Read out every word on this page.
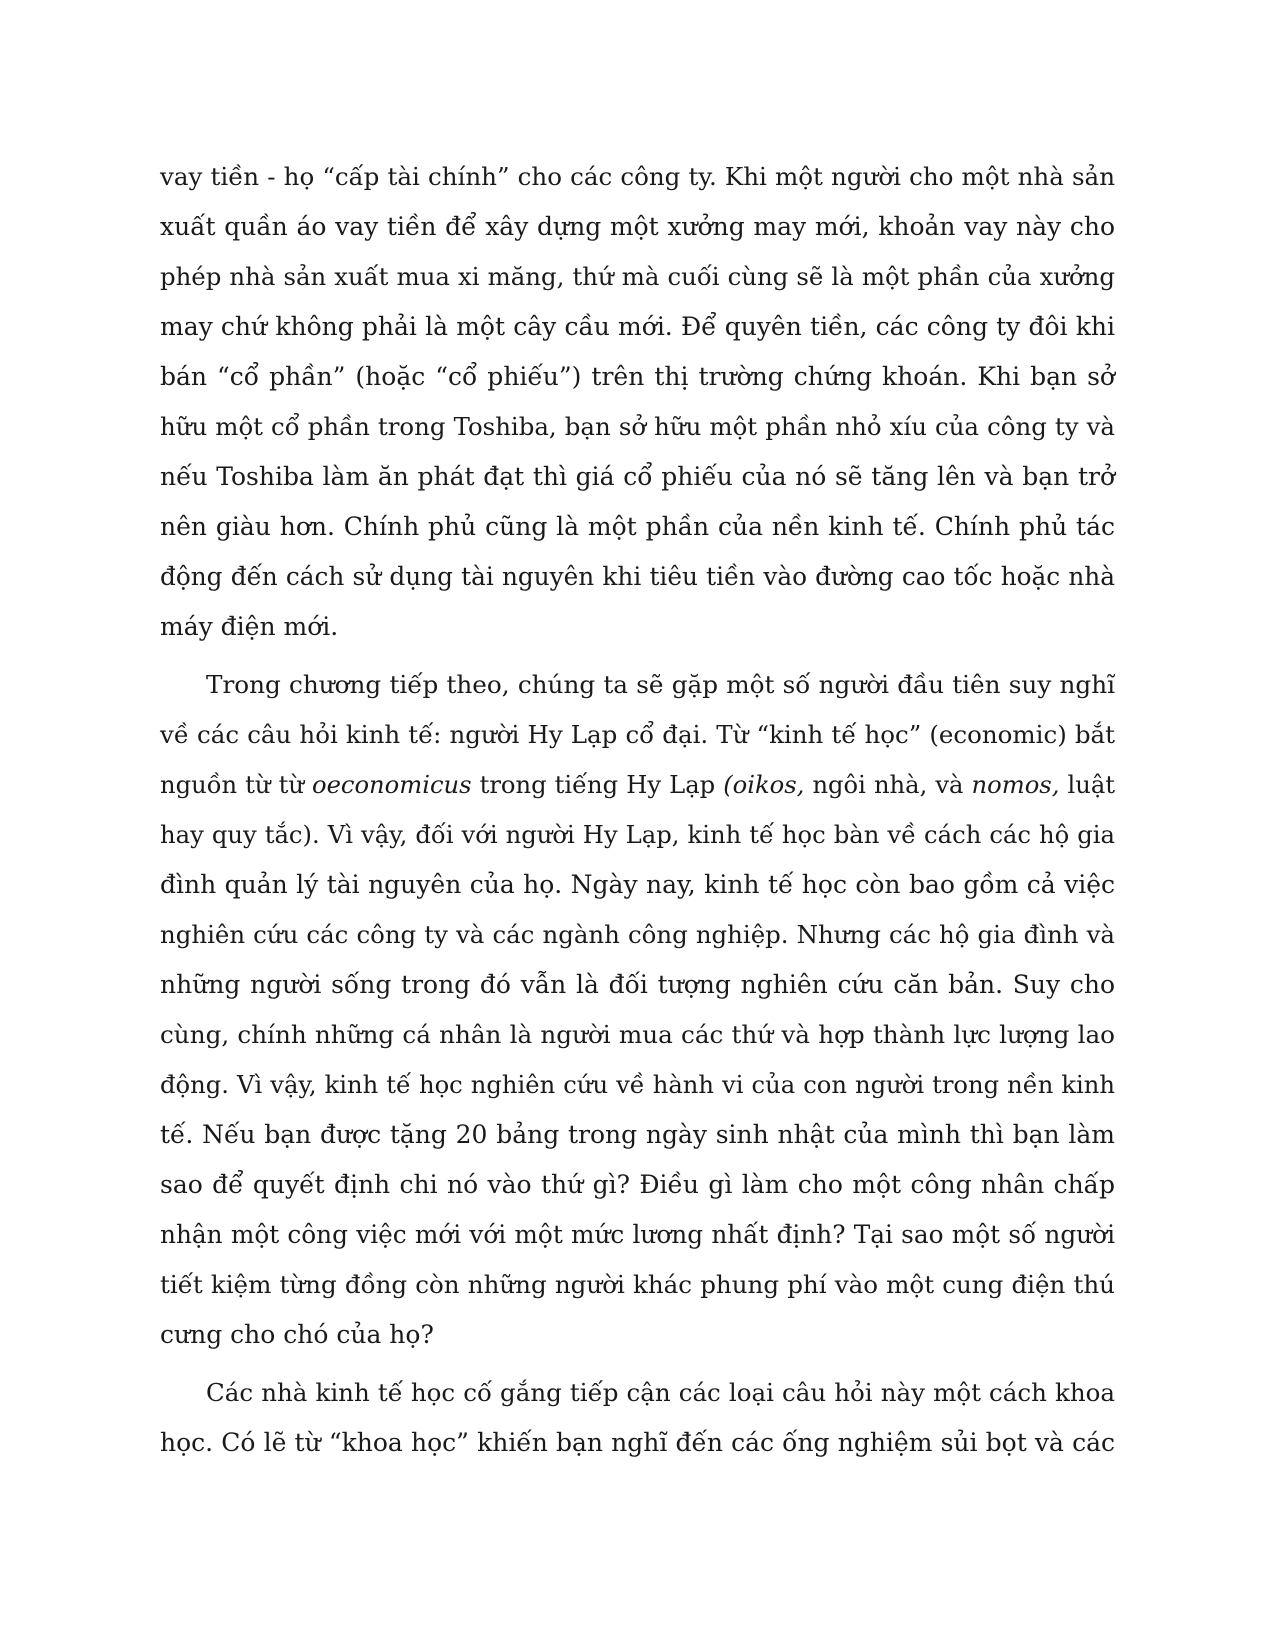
vay tiền - họ “cấp tài chính” cho các công ty. Khi một người cho một nhà sản
xuất quần áo vay tiền để xây dựng một xưởng may mới, khoản vay này cho
phép nhà sản xuất mua xi măng, thứ mà cuối cùng sẽ là một phần của xưởng
may chứ không phải là một cây cầu mới. Để quyên tiền, các công ty đôi khi
bán “cổ phần” (hoặc “cổ phiếu”) trên thị trường chứng khoán. Khi bạn sở
hữu một cổ phần trong Toshiba, bạn sở hữu một phần nhỏ xíu của công ty và
nếu Toshiba làm ăn phát đạt thì giá cổ phiếu của nó sẽ tăng lên và bạn trở
nên giàu hơn. Chính phủ cũng là một phần của nền kinh tế. Chính phủ tác
động đến cách sử dụng tài nguyên khi tiêu tiền vào đường cao tốc hoặc nhà
máy điện mới.
Trong chương tiếp theo, chúng ta sẽ gặp một số người đầu tiên suy nghĩ
về các câu hỏi kinh tế: người Hy Lạp cổ đại. Từ “kinh tế học” (economic) bắt
nguồn từ từ oeconomicus trong tiếng Hy Lạp (oikos, ngôi nhà, và nomos, luật
hay quy tắc). Vì vậy, đối với người Hy Lạp, kinh tế học bàn về cách các hộ gia
đình quản lý tài nguyên của họ. Ngày nay, kinh tế học còn bao gồm cả việc
nghiên cứu các công ty và các ngành công nghiệp. Nhưng các hộ gia đình và
những người sống trong đó vẫn là đối tượng nghiên cứu căn bản. Suy cho
cùng, chính những cá nhân là người mua các thứ và hợp thành lực lượng lao
động. Vì vậy, kinh tế học nghiên cứu về hành vi của con người trong nền kinh
tế. Nếu bạn được tặng 20 bảng trong ngày sinh nhật của mình thì bạn làm
sao để quyết định chi nó vào thứ gì? Điều gì làm cho một công nhân chấp
nhận một công việc mới với một mức lương nhất định? Tại sao một số người
tiết kiệm từng đồng còn những người khác phung phí vào một cung điện thú
cưng cho chó của họ?
Các nhà kinh tế học cố gắng tiếp cận các loại câu hỏi này một cách khoa
học. Có lẽ từ “khoa học” khiến bạn nghĩ đến các ống nghiệm sủi bọt và các
